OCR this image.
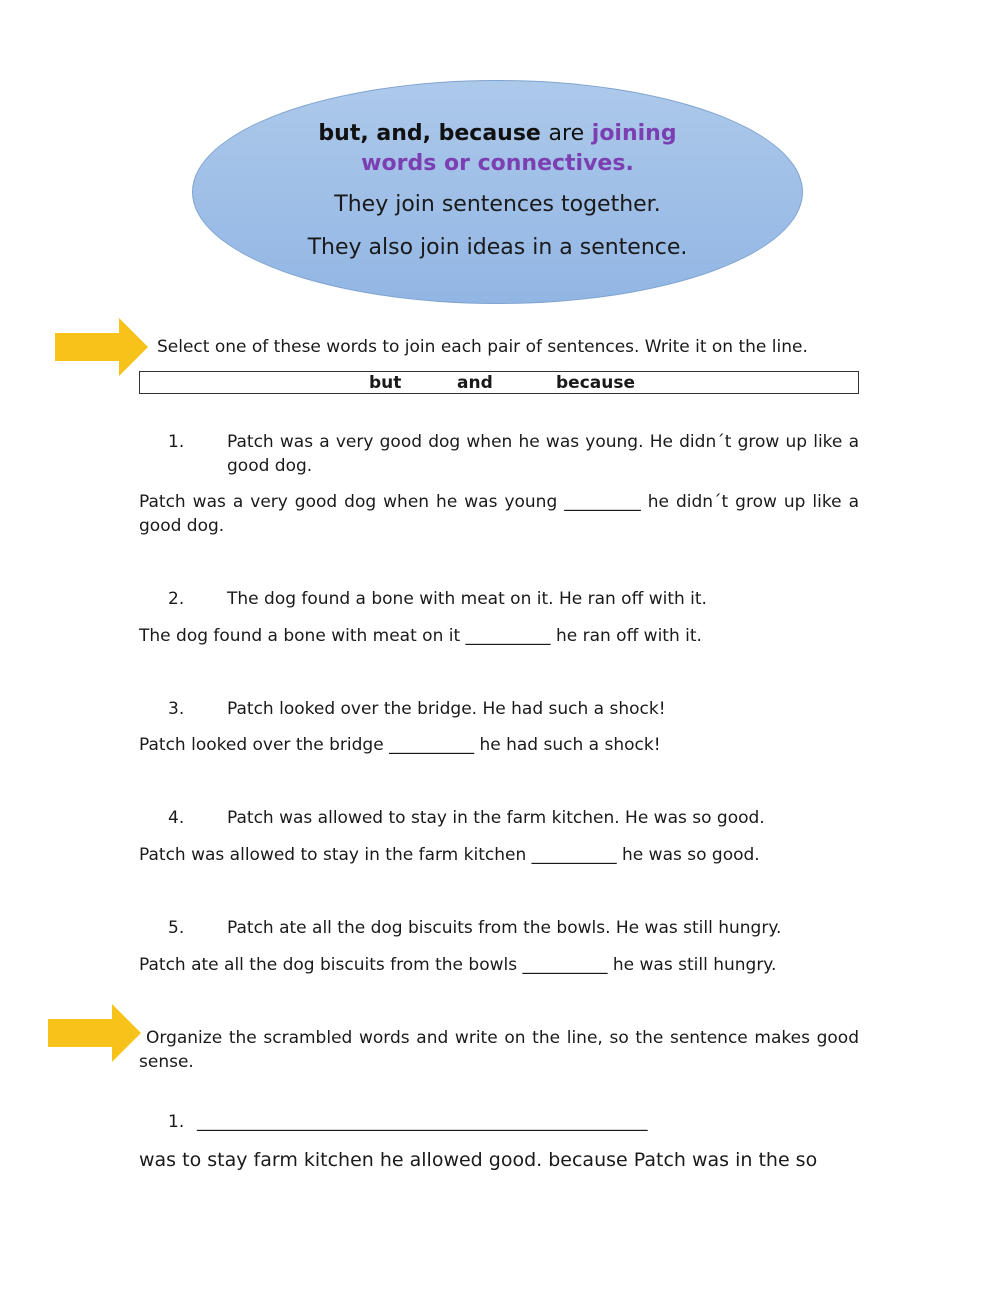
but, and, because are joining
words or connectives.
They join sentences together.
They also join ideas in a sentence.
Select one of these words to join each pair of sentences. Write it on the line.
but	and	because
1.	Patch was a very good dog when he was young. He didn´t grow up like a good dog.
Patch was a very good dog when he was young _________ he didn´t grow up like a good dog.
2.	The dog found a bone with meat on it. He ran off with it.
The dog found a bone with meat on it __________ he ran off with it.
3.	Patch looked over the bridge. He had such a shock!
Patch looked over the bridge __________ he had such a shock!
4.	Patch was allowed to stay in the farm kitchen. He was so good.
Patch was allowed to stay in the farm kitchen __________ he was so good.
5.	Patch ate all the dog biscuits from the bowls. He was still hungry.
Patch ate all the dog biscuits from the bowls __________ he was still hungry.
Organize the scrambled words and write on the line, so the sentence makes good sense.
1. _____________________________________________________
was to stay farm kitchen he allowed good. because Patch was in the so
